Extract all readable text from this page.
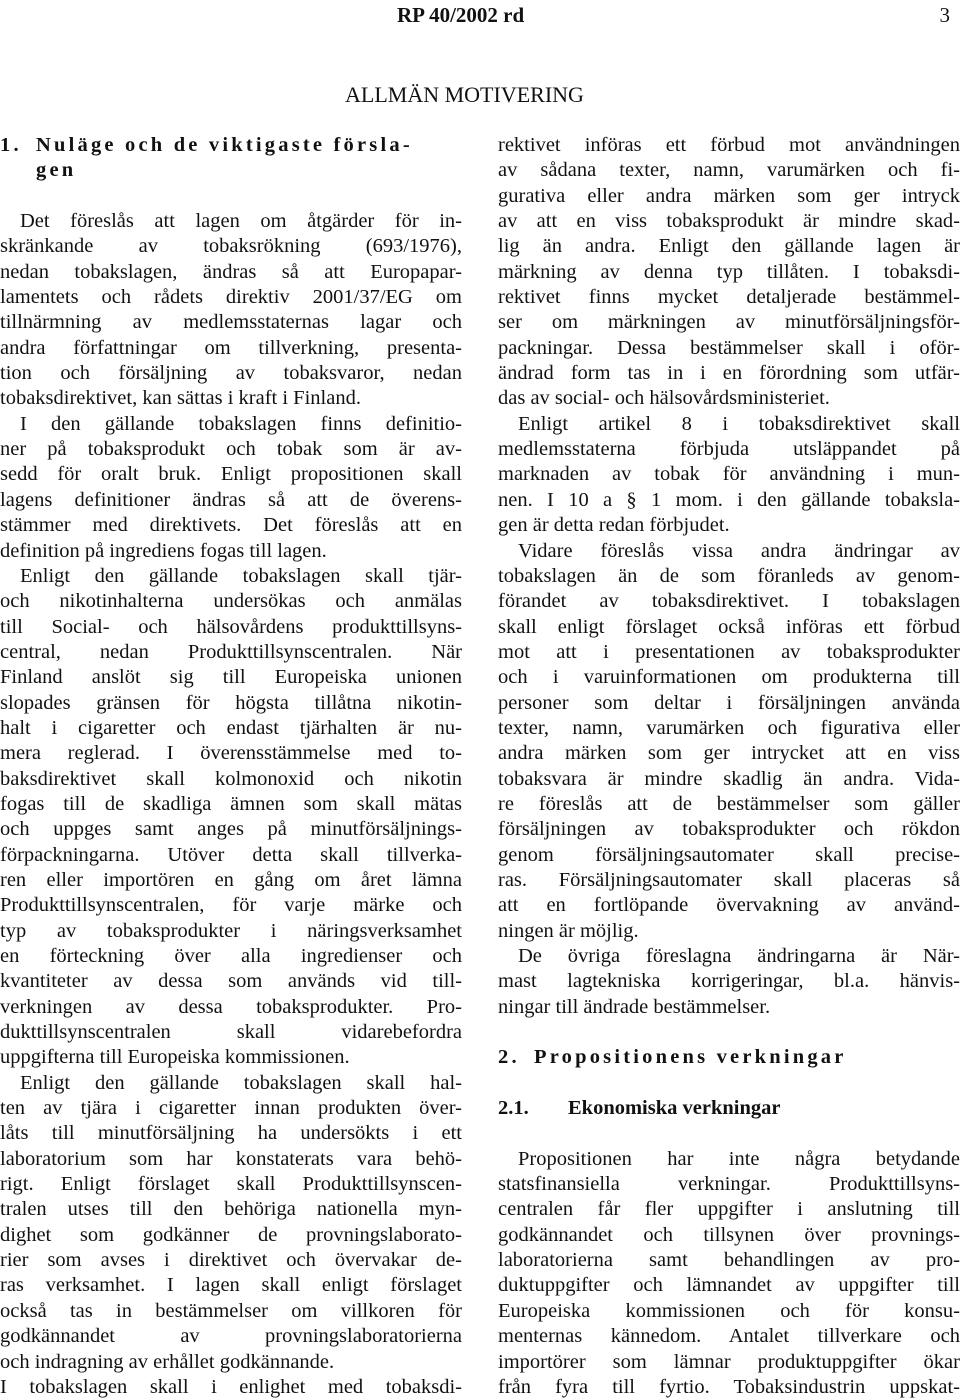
RP 40/2002 rd	3
ALLMÄN MOTIVERING
1. Nuläge och de viktigaste försla-
gen
Det föreslås att lagen om åtgärder för in-
skränkande av tobaksrökning (693/1976),
nedan tobakslagen, ändras så att Europapar-
lamentets och rådets direktiv 2001/37/EG om
tillnärmning av medlemsstaternas lagar och
andra författningar om tillverkning, presenta-
tion och försäljning av tobaksvaror, nedan
tobaksdirektivet, kan sättas i kraft i Finland.
I den gällande tobakslagen finns definitio-
ner på tobaksprodukt och tobak som är av-
sedd för oralt bruk. Enligt propositionen skall
lagens definitioner ändras så att de överens-
stämmer med direktivets. Det föreslås att en
definition på ingrediens fogas till lagen.
Enligt den gällande tobakslagen skall tjär-
och nikotinhalterna undersökas och anmälas
till Social- och hälsovårdens produkttillsyns-
central, nedan Produkttillsynscentralen. När
Finland anslöt sig till Europeiska unionen
slopades gränsen för högsta tillåtna nikotin-
halt i cigaretter och endast tjärhalten är nu-
mera reglerad. I överensstämmelse med to-
baksdirektivet skall kolmonoxid och nikotin
fogas till de skadliga ämnen som skall mätas
och uppges samt anges på minutförsäljnings-
förpackningarna. Utöver detta skall tillverka-
ren eller importören en gång om året lämna
Produkttillsynscentralen, för varje märke och
typ av tobaksprodukter i näringsverksamhet
en förteckning över alla ingredienser och
kvantiteter av dessa som används vid till-
verkningen av dessa tobaksprodukter. Pro-
dukttillsynscentralen skall vidarebefordra
uppgifterna till Europeiska kommissionen.
Enligt den gällande tobakslagen skall hal-
ten av tjära i cigaretter innan produkten över-
låts till minutförsäljning ha undersökts i ett
laboratorium som har konstaterats vara behö-
rigt. Enligt förslaget skall Produkttillsynscen-
tralen utses till den behöriga nationella myn-
dighet som godkänner de provningslaborato-
rier som avses i direktivet och övervakar de-
ras verksamhet. I lagen skall enligt förslaget
också tas in bestämmelser om villkoren för
godkännandet av provningslaboratorierna
och indragning av erhållet godkännande.
I tobakslagen skall i enlighet med tobaksdi-
rektivet införas ett förbud mot användningen
av sådana texter, namn, varumärken och fi-
gurativa eller andra märken som ger intryck
av att en viss tobaksprodukt är mindre skad-
lig än andra. Enligt den gällande lagen är
märkning av denna typ tillåten. I tobaksdi-
rektivet finns mycket detaljerade bestämmel-
ser om märkningen av minutförsäljningsför-
packningar. Dessa bestämmelser skall i oför-
ändrad form tas in i en förordning som utfär-
das av social- och hälsovårdsministeriet.
Enligt artikel 8 i tobaksdirektivet skall
medlemsstaterna förbjuda utsläppandet på
marknaden av tobak för användning i mun-
nen. I 10 a § 1 mom. i den gällande tobaksla-
gen är detta redan förbjudet.
Vidare föreslås vissa andra ändringar av
tobakslagen än de som föranleds av genom-
förandet av tobaksdirektivet. I tobakslagen
skall enligt förslaget också införas ett förbud
mot att i presentationen av tobaksprodukter
och i varuinformationen om produkterna till
personer som deltar i försäljningen använda
texter, namn, varumärken och figurativa eller
andra märken som ger intrycket att en viss
tobaksvara är mindre skadlig än andra. Vida-
re föreslås att de bestämmelser som gäller
försäljningen av tobaksprodukter och rökdon
genom försäljningsautomater skall precise-
ras. Försäljningsautomater skall placeras så
att en fortlöpande övervakning av använd-
ningen är möjlig.
De övriga föreslagna ändringarna är När-
mast lagtekniska korrigeringar, bl.a. hänvis-
ningar till ändrade bestämmelser.
2. Propositionens verkningar
2.1. Ekonomiska verkningar
Propositionen har inte några betydande
statsfinansiella verkningar. Produkttillsyns-
centralen får fler uppgifter i anslutning till
godkännandet och tillsynen över provnings-
laboratorierna samt behandlingen av pro-
duktuppgifter och lämnandet av uppgifter till
Europeiska kommissionen och för konsu-
menternas kännedom. Antalet tillverkare och
importörer som lämnar produktuppgifter ökar
från fyra till fyrtio. Tobaksindustrin uppskat-
